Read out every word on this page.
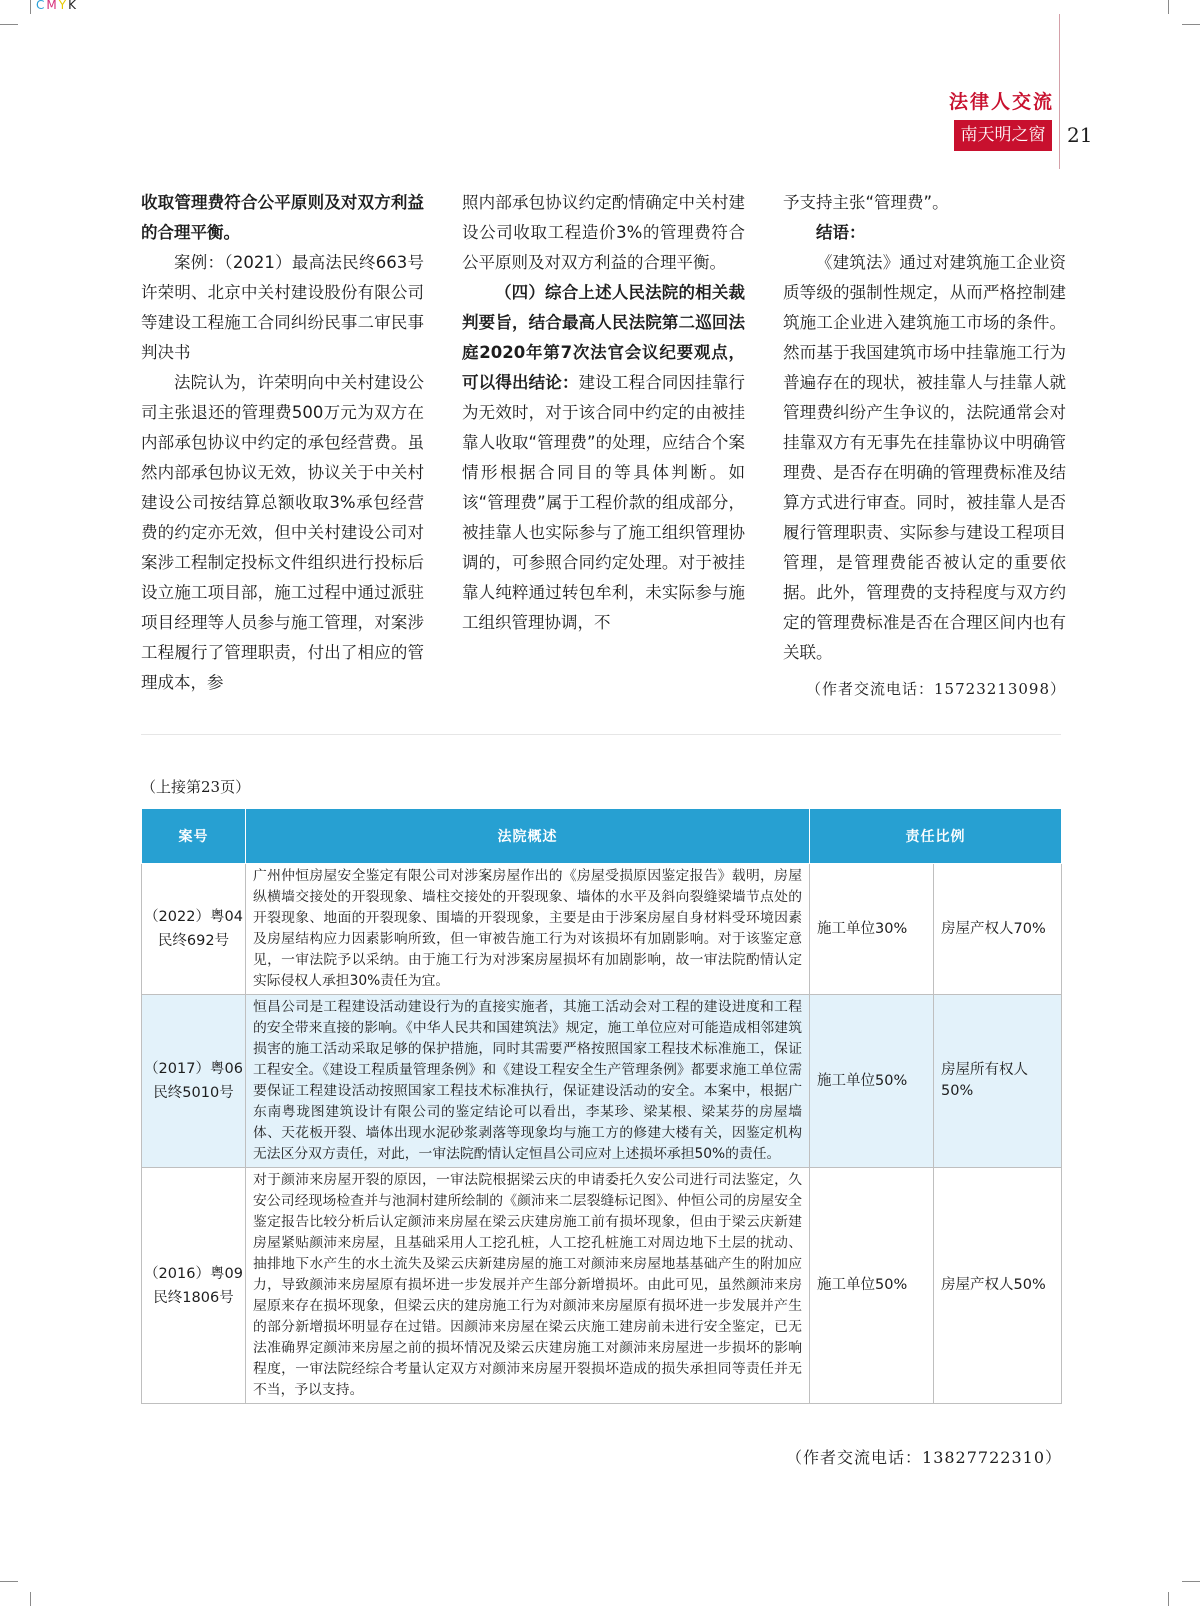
CMYK
法律人交流
南天明之窗	21

收取管理费符合公平原则及对双方利益的合理平衡。

案例：（2021）最高法民终663号许荣明、北京中关村建设股份有限公司等建设工程施工合同纠纷民事二审民事判决书

法院认为，许荣明向中关村建设公司主张退还的管理费500万元为双方在内部承包协议中约定的承包经营费。虽然内部承包协议无效，协议关于中关村建设公司按结算总额收取3%承包经营费的约定亦无效，但中关村建设公司对案涉工程制定投标文件组织进行投标后设立施工项目部，施工过程中通过派驻项目经理等人员参与施工管理，对案涉工程履行了管理职责，付出了相应的管理成本，参

照内部承包协议约定酌情确定中关村建设公司收取工程造价3%的管理费符合公平原则及对双方利益的合理平衡。

（四）综合上述人民法院的相关裁判要旨，结合最高人民法院第二巡回法庭2020年第7次法官会议纪要观点，可以得出结论：建设工程合同因挂靠行为无效时，对于该合同中约定的由被挂靠人收取“管理费”的处理，应结合个案情形根据合同目的等具体判断。如该“管理费”属于工程价款的组成部分，被挂靠人也实际参与了施工组织管理协调的，可参照合同约定处理。对于被挂靠人纯粹通过转包牟利，未实际参与施工组织管理协调，不

予支持主张“管理费”。

结语：

《建筑法》通过对建筑施工企业资质等级的强制性规定，从而严格控制建筑施工企业进入建筑施工市场的条件。然而基于我国建筑市场中挂靠施工行为普遍存在的现状，被挂靠人与挂靠人就管理费纠纷产生争议的，法院通常会对挂靠双方有无事先在挂靠协议中明确管理费、是否存在明确的管理费标准及结算方式进行审查。同时，被挂靠人是否履行管理职责、实际参与建设工程项目管理，是管理费能否被认定的重要依据。此外，管理费的支持程度与双方约定的管理费标准是否在合理区间内也有关联。

（作者交流电话：15723213098）
（上接第23页）
案号	法院概述	责任比例	
（2022）粤04民终692号	广州仲恒房屋安全鉴定有限公司对涉案房屋作出的《房屋受损原因鉴定报告》载明，房屋纵横墙交接处的开裂现象、墙柱交接处的开裂现象、墙体的水平及斜向裂缝梁墙节点处的开裂现象、地面的开裂现象、围墙的开裂现象，主要是由于涉案房屋自身材料受环境因素及房屋结构应力因素影响所致，但一审被告施工行为对该损坏有加剧影响。对于该鉴定意见，一审法院予以采纳。由于施工行为对涉案房屋损坏有加剧影响，故一审法院酌情认定实际侵权人承担30%责任为宜。	施工单位30%	房屋产权人70%
（2017）粤06民终5010号	恒昌公司是工程建设活动建设行为的直接实施者，其施工活动会对工程的建设进度和工程的安全带来直接的影响。《中华人民共和国建筑法》规定，施工单位应对可能造成相邻建筑损害的施工活动采取足够的保护措施，同时其需要严格按照国家工程技术标准施工，保证工程安全。《建设工程质量管理条例》和《建设工程安全生产管理条例》都要求施工单位需要保证工程建设活动按照国家工程技术标准执行，保证建设活动的安全。本案中，根据广东南粤珑图建筑设计有限公司的鉴定结论可以看出，李某珍、梁某根、梁某芬的房屋墙体、天花板开裂、墙体出现水泥砂浆剥落等现象均与施工方的修建大楼有关，因鉴定机构无法区分双方责任，对此，一审法院酌情认定恒昌公司应对上述损坏承担50%的责任。	施工单位50%	房屋所有权人50%
（2016）粤09民终1806号	对于颜沛来房屋开裂的原因，一审法院根据梁云庆的申请委托久安公司进行司法鉴定，久安公司经现场检查并与池洞村建所绘制的《颜沛来二层裂缝标记图》、仲恒公司的房屋安全鉴定报告比较分析后认定颜沛来房屋在梁云庆建房施工前有损坏现象，但由于梁云庆新建房屋紧贴颜沛来房屋，且基础采用人工挖孔桩，人工挖孔桩施工对周边地下土层的扰动、抽排地下水产生的水土流失及梁云庆新建房屋的施工对颜沛来房屋地基基础产生的附加应力，导致颜沛来房屋原有损坏进一步发展并产生部分新增损坏。由此可见，虽然颜沛来房屋原来存在损坏现象，但梁云庆的建房施工行为对颜沛来房屋原有损坏进一步发展并产生的部分新增损坏明显存在过错。因颜沛来房屋在梁云庆施工建房前未进行安全鉴定，已无法准确界定颜沛来房屋之前的损坏情况及梁云庆建房施工对颜沛来房屋进一步损坏的影响程度，一审法院经综合考量认定双方对颜沛来房屋开裂损坏造成的损失承担同等责任并无不当，予以支持。	施工单位50%	房屋产权人50%
（作者交流电话：13827722310）
